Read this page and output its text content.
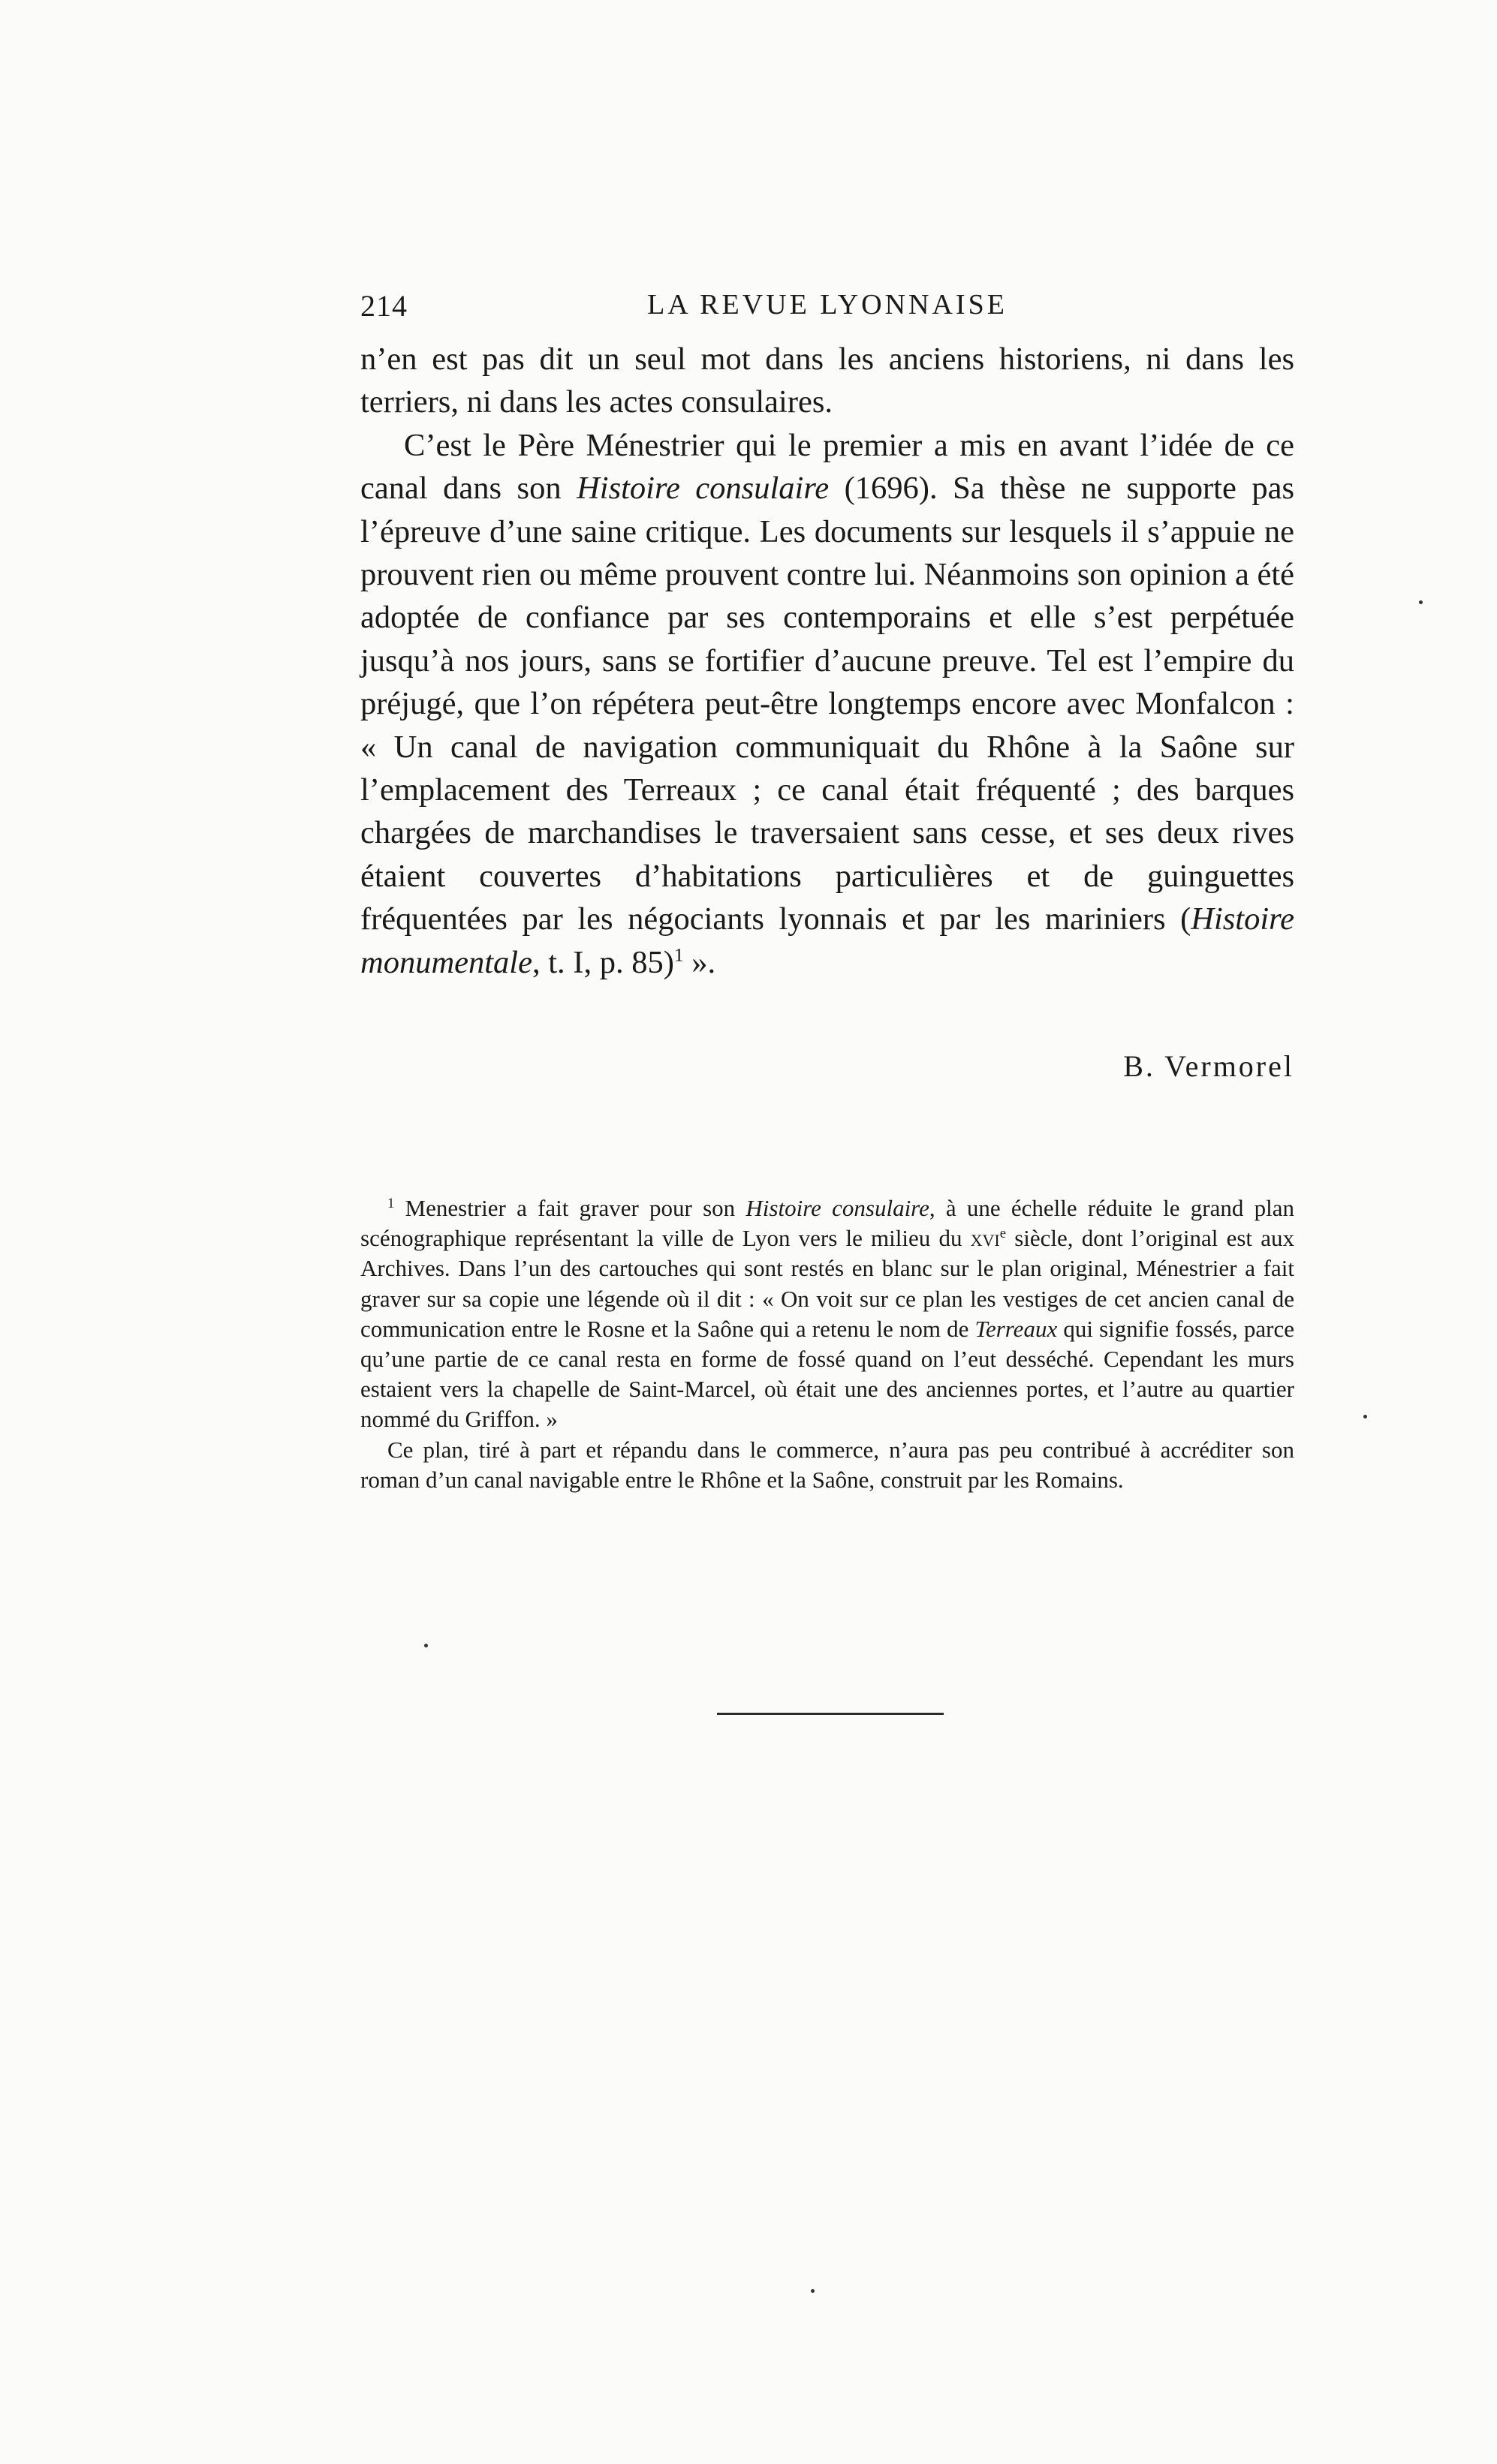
214	LA REVUE LYONNAISE

n’en est pas dit un seul mot dans les anciens historiens, ni dans les terriers, ni dans les actes consulaires.

C’est le Père Ménestrier qui le premier a mis en avant l’idée de ce canal dans son Histoire consulaire (1696). Sa thèse ne supporte pas l’épreuve d’une saine critique. Les documents sur lesquels il s’appuie ne prouvent rien ou même prouvent contre lui. Néanmoins son opinion a été adoptée de confiance par ses contemporains et elle s’est perpétuée jusqu’à nos jours, sans se fortifier d’aucune preuve. Tel est l’empire du préjugé, que l’on répétera peut-être longtemps encore avec Monfalcon : « Un canal de navigation communiquait du Rhône à la Saône sur l’emplacement des Terreaux ; ce canal était fréquenté ; des barques chargées de marchandises le traversaient sans cesse, et ses deux rives étaient couvertes d’habitations particulières et de guinguettes fréquentées par les négociants lyonnais et par les mariniers (Histoire monumentale, t. I, p. 85)$^1$ ».

B. Vermorel

$^1$ Menestrier a fait graver pour son Histoire consulaire, à une échelle réduite le grand plan scénographique représentant la ville de Lyon vers le milieu du xvi$^e$ siècle, dont l’original est aux Archives. Dans l’un des cartouches qui sont restés en blanc sur le plan original, Ménestrier a fait graver sur sa copie une légende où il dit : « On voit sur ce plan les vestiges de cet ancien canal de communication entre le Rosne et la Saône qui a retenu le nom de Terreaux qui signifie fossés, parce qu’une partie de ce canal resta en forme de fossé quand on l’eut desséché. Cependant les murs estaient vers la chapelle de Saint-Marcel, où était une des anciennes portes, et l’autre au quartier nommé du Griffon. »

Ce plan, tiré à part et répandu dans le commerce, n’aura pas peu contribué à accréditer son roman d’un canal navigable entre le Rhône et la Saône, construit par les Romains.
